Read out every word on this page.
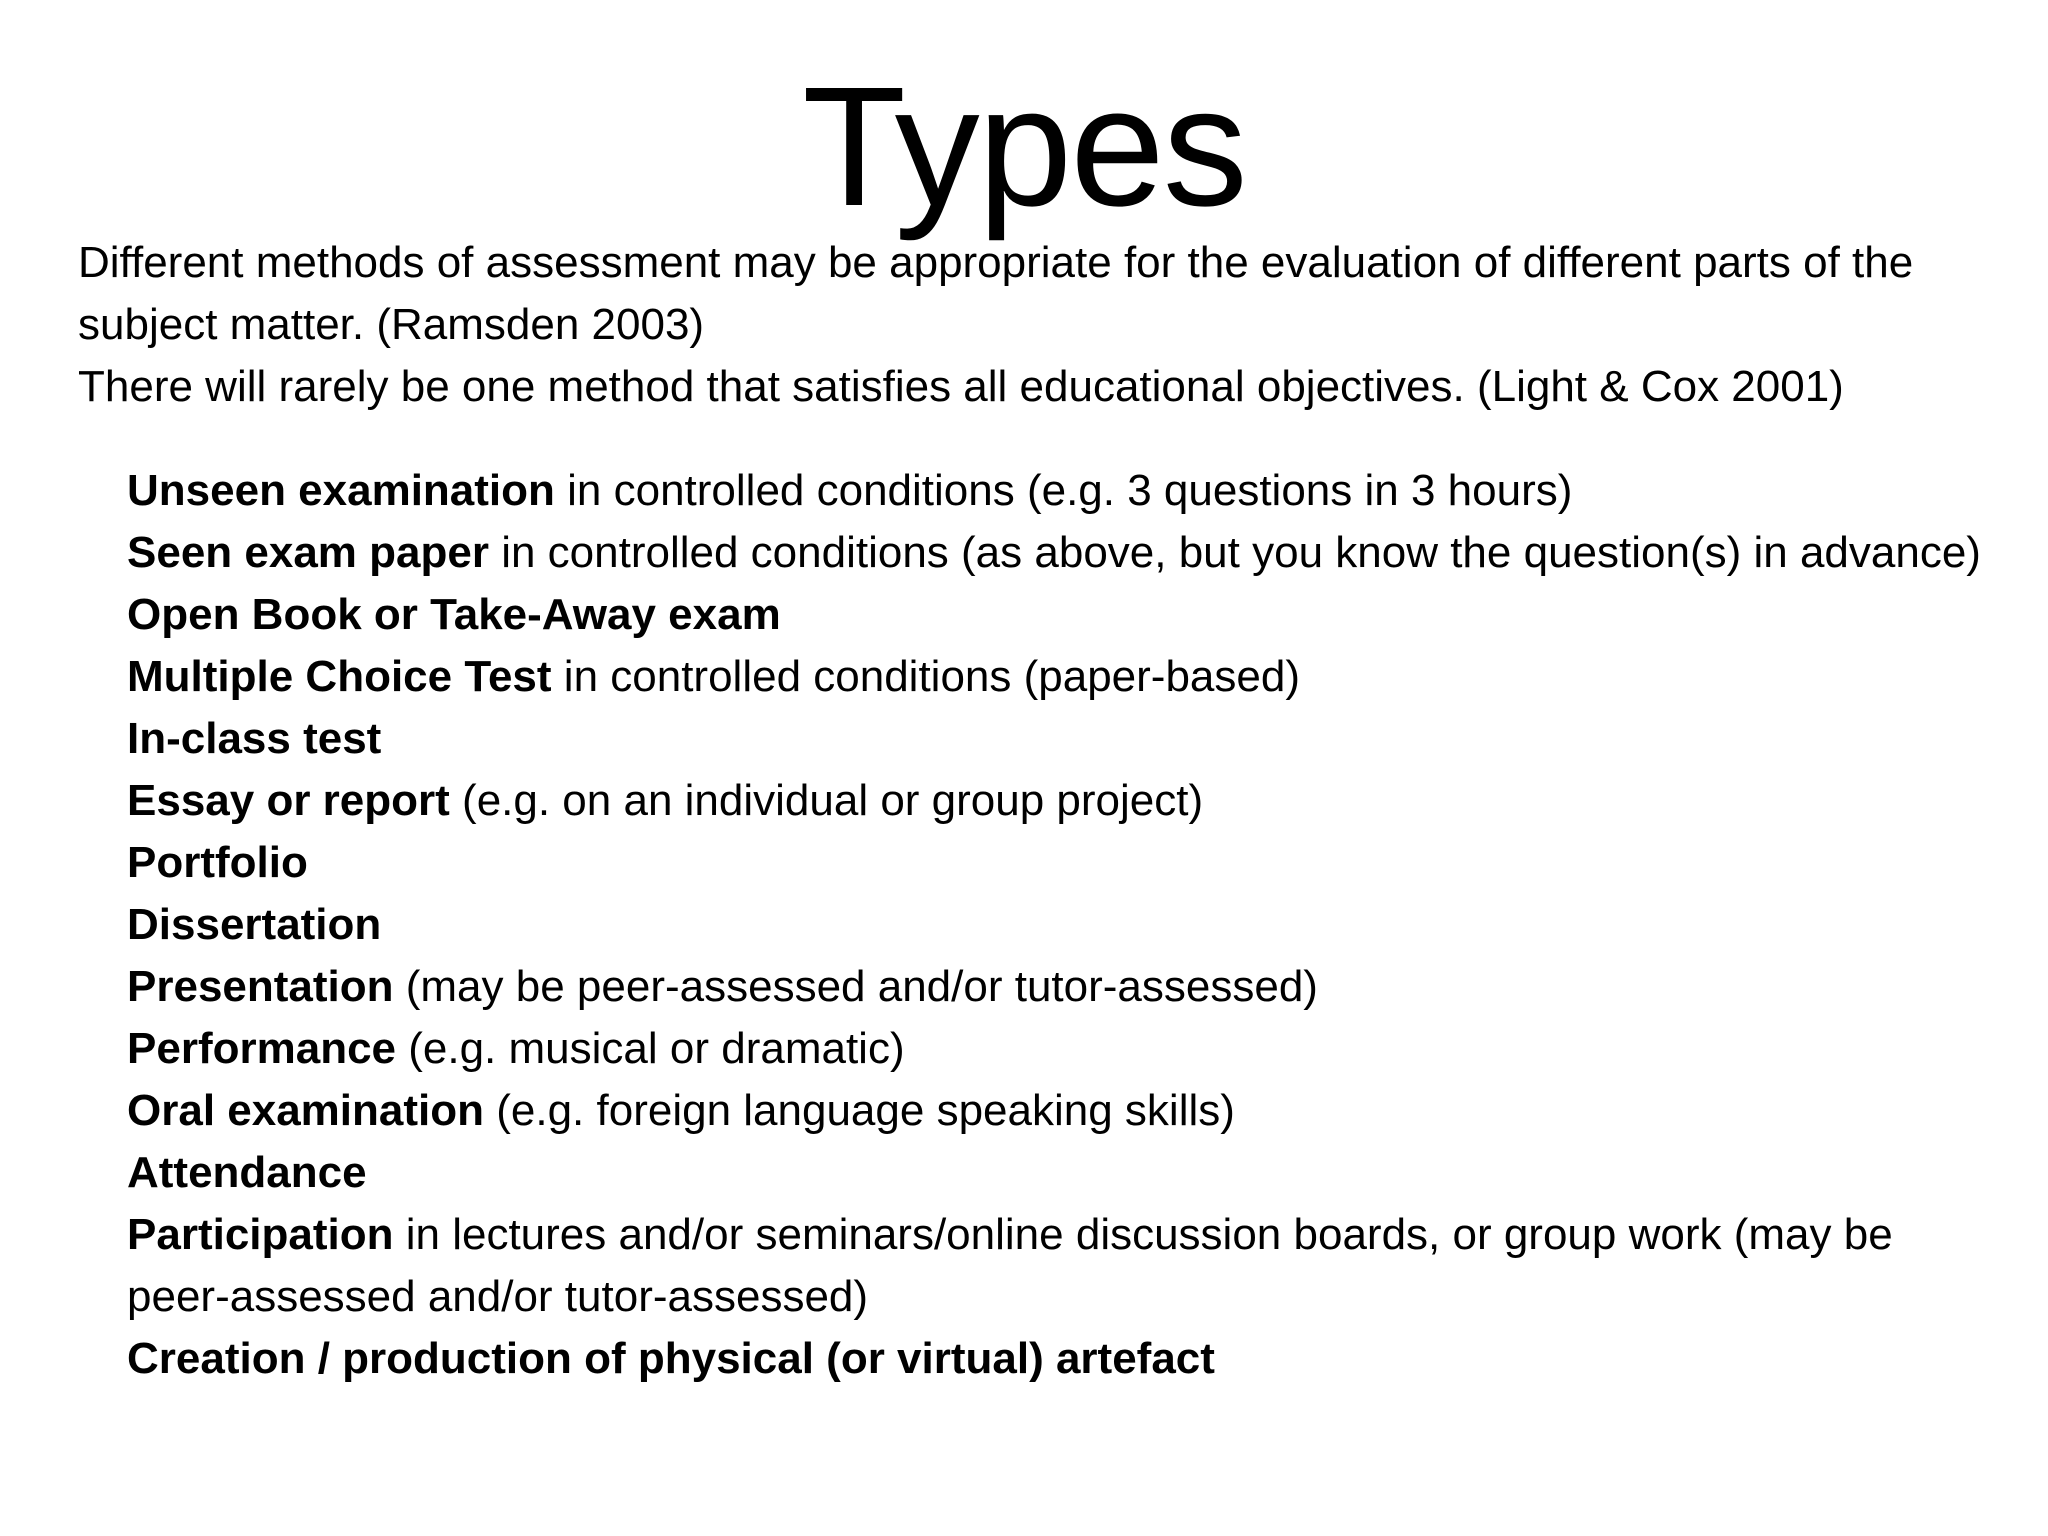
Types

Different methods of assessment may be appropriate for the evaluation of different parts of the subject matter. (Ramsden 2003)

There will rarely be one method that satisfies all educational objectives. (Light & Cox 2001)

Unseen examination in controlled conditions (e.g. 3 questions in 3 hours)
Seen exam paper in controlled conditions (as above, but you know the question(s) in advance)
Open Book or Take-Away exam
Multiple Choice Test in controlled conditions (paper-based)
In-class test
Essay or report (e.g. on an individual or group project)
Portfolio
Dissertation
Presentation (may be peer-assessed and/or tutor-assessed)
Performance (e.g. musical or dramatic)
Oral examination (e.g. foreign language speaking skills)
Attendance
Participation in lectures and/or seminars/online discussion boards, or group work (may be peer-assessed and/or tutor-assessed)
Creation / production of physical (or virtual) artefact
